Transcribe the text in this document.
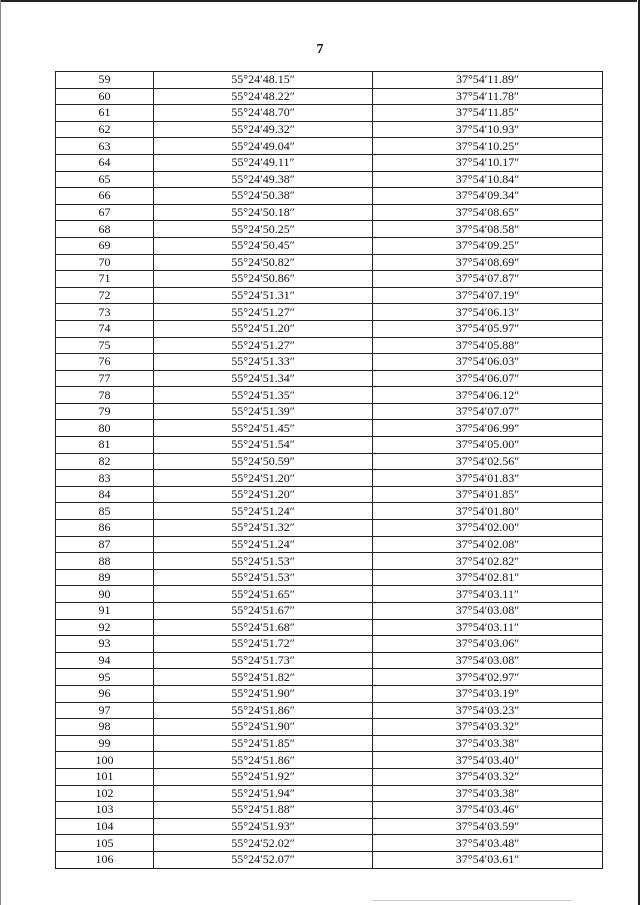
7
59	55°24′48.15″	37°54′11.89″
60	55°24′48.22″	37°54′11.78″
61	55°24′48.70″	37°54′11.85″
62	55°24′49.32″	37°54′10.93″
63	55°24′49.04″	37°54′10.25″
64	55°24′49.11″	37°54′10.17″
65	55°24′49.38″	37°54′10.84″
66	55°24′50.38″	37°54′09.34″
67	55°24′50.18″	37°54′08.65″
68	55°24′50.25″	37°54′08.58″
69	55°24′50.45″	37°54′09.25″
70	55°24′50.82″	37°54′08.69″
71	55°24′50.86″	37°54′07.87″
72	55°24′51.31″	37°54′07.19″
73	55°24′51.27″	37°54′06.13″
74	55°24′51.20″	37°54′05.97″
75	55°24′51.27″	37°54′05.88″
76	55°24′51.33″	37°54′06.03″
77	55°24′51.34″	37°54′06.07″
78	55°24′51.35″	37°54′06.12″
79	55°24′51.39″	37°54′07.07″
80	55°24′51.45″	37°54′06.99″
81	55°24′51.54″	37°54′05.00″
82	55°24′50.59″	37°54′02.56″
83	55°24′51.20″	37°54′01.83″
84	55°24′51.20″	37°54′01.85″
85	55°24′51.24″	37°54′01.80″
86	55°24′51.32″	37°54′02.00″
87	55°24′51.24″	37°54′02.08″
88	55°24′51.53″	37°54′02.82″
89	55°24′51.53″	37°54′02.81″
90	55°24′51.65″	37°54′03.11″
91	55°24′51.67″	37°54′03.08″
92	55°24′51.68″	37°54′03.11″
93	55°24′51.72″	37°54′03.06″
94	55°24′51.73″	37°54′03.08″
95	55°24′51.82″	37°54′02.97″
96	55°24′51.90″	37°54′03.19″
97	55°24′51.86″	37°54′03.23″
98	55°24′51.90″	37°54′03.32″
99	55°24′51.85″	37°54′03.38″
100	55°24′51.86″	37°54′03.40″
101	55°24′51.92″	37°54′03.32″
102	55°24′51.94″	37°54′03.38″
103	55°24′51.88″	37°54′03.46″
104	55°24′51.93″	37°54′03.59″
105	55°24′52.02″	37°54′03.48″
106	55°24′52.07″	37°54′03.61″
